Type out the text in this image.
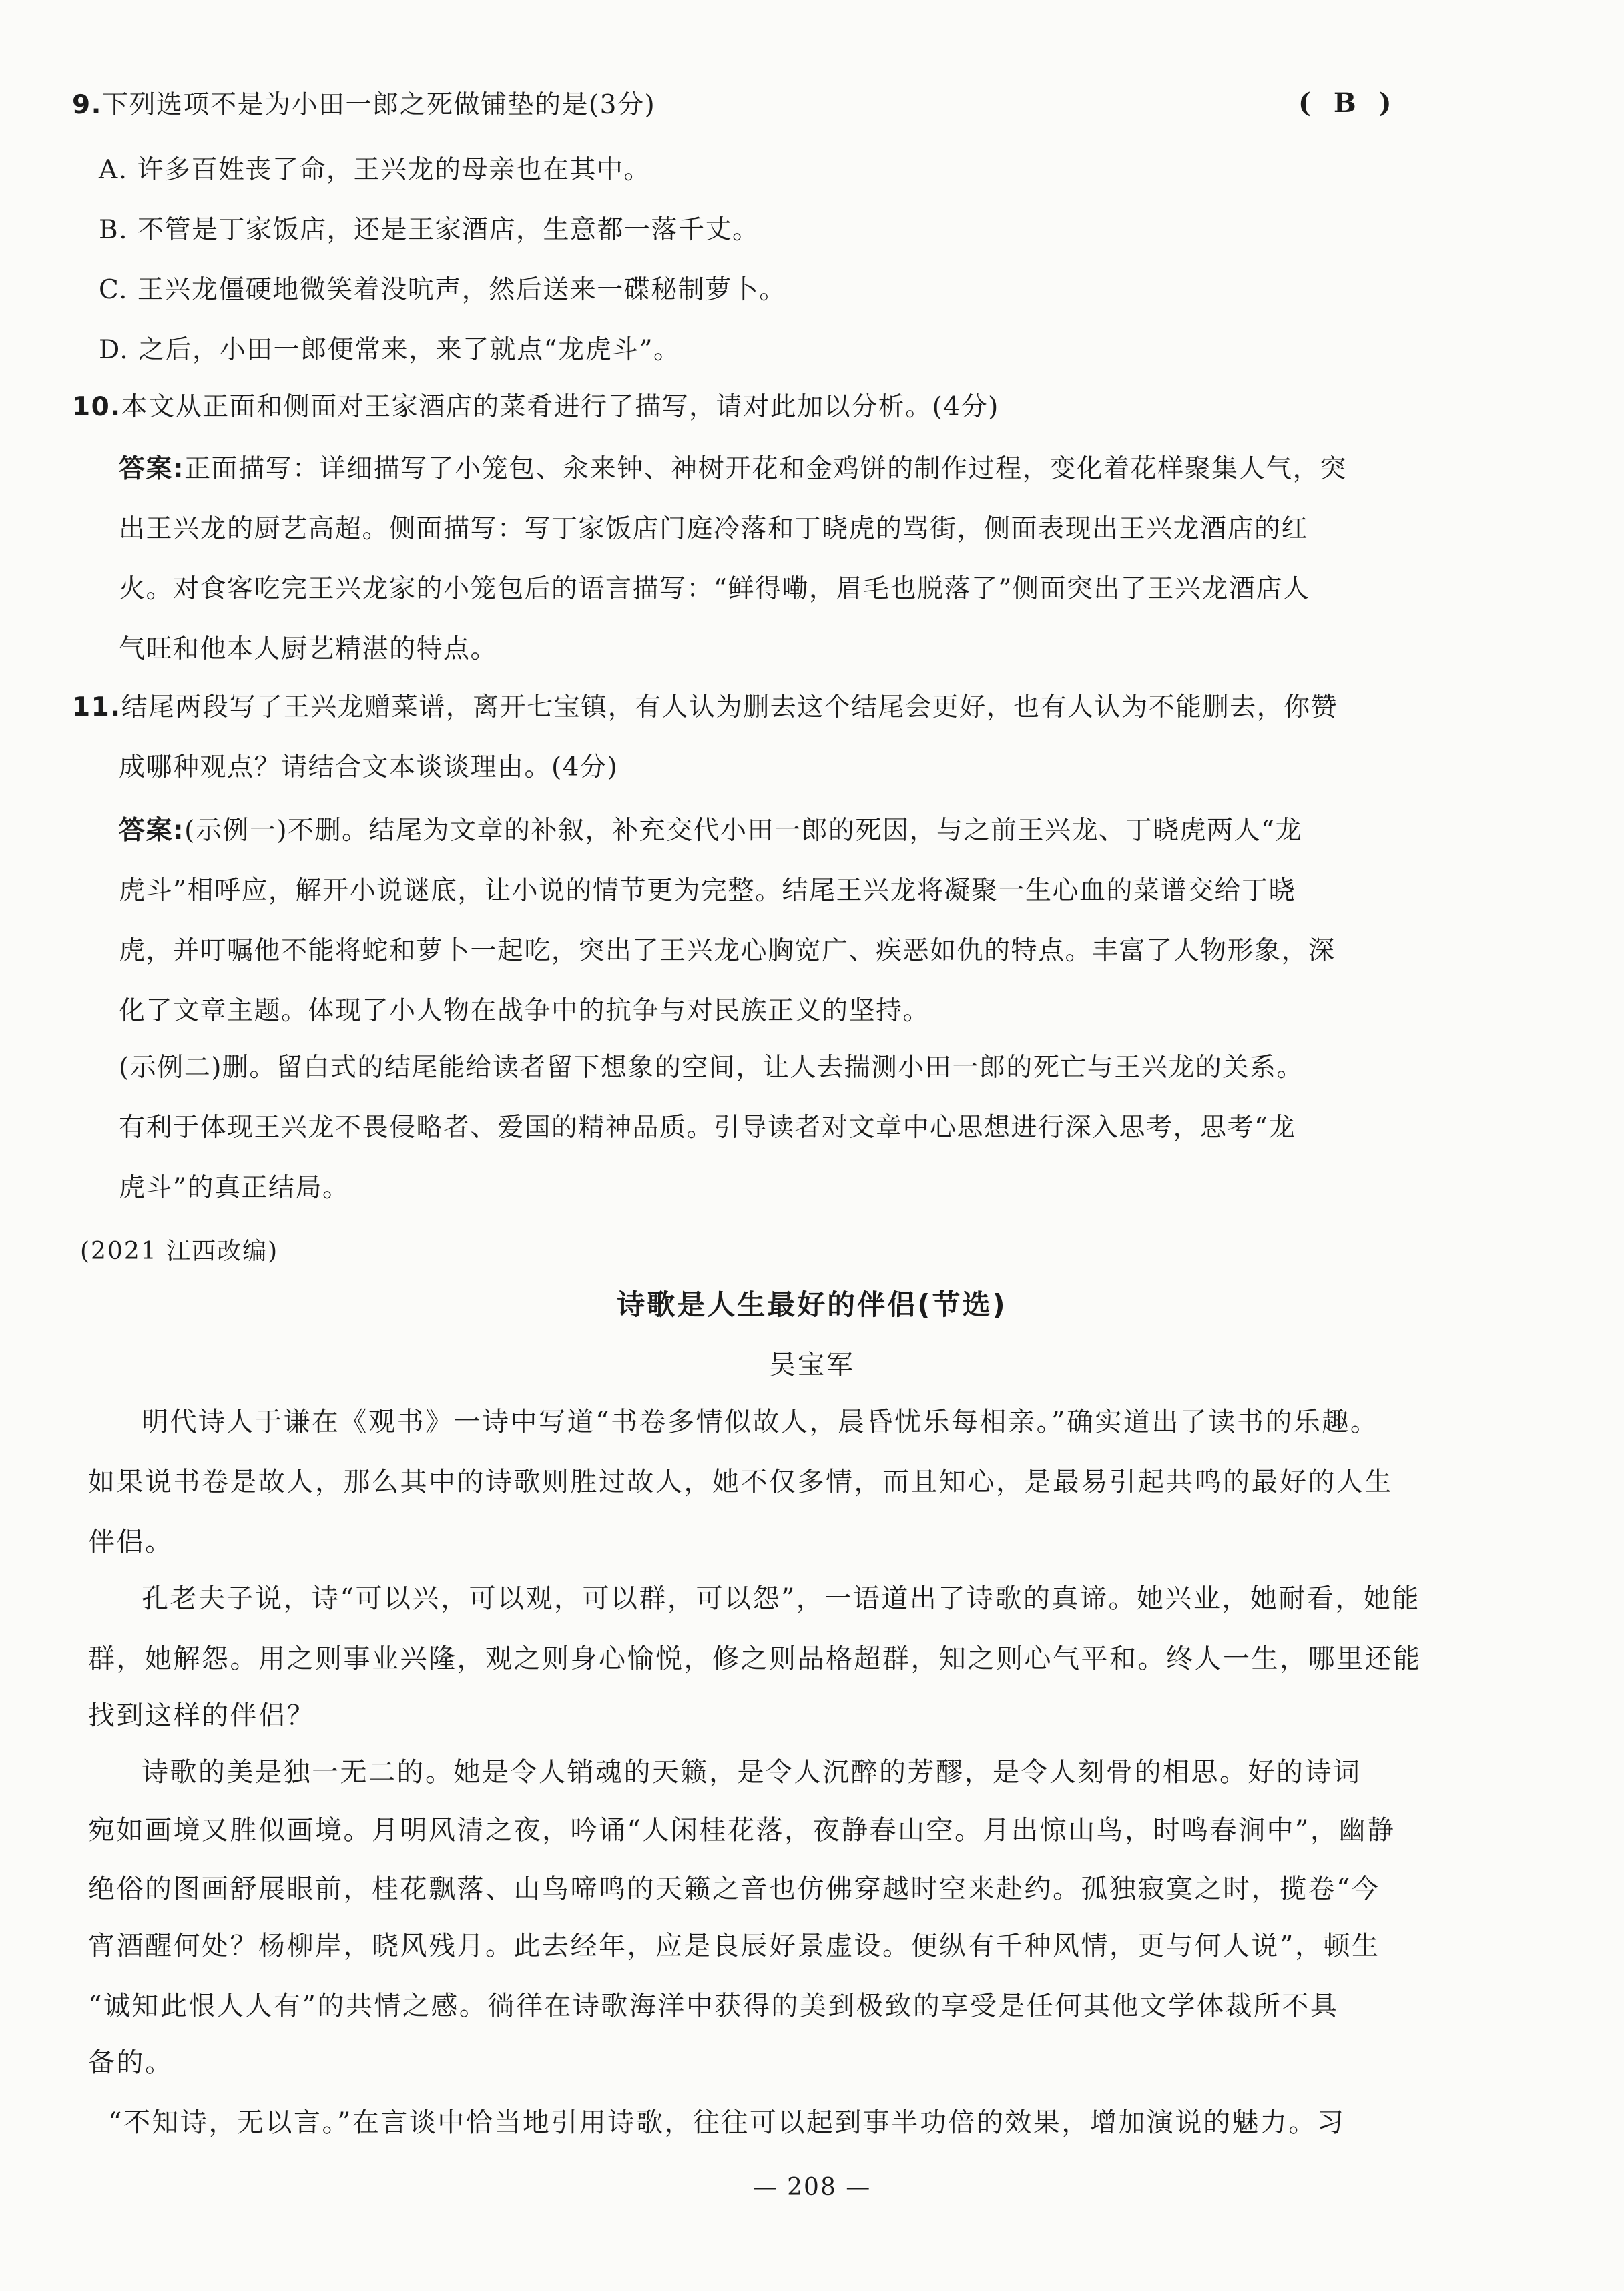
9.下列选项不是为小田一郎之死做铺垫的是(3分)	( B )

A. 许多百姓丧了命，王兴龙的母亲也在其中。

B. 不管是丁家饭店，还是王家酒店，生意都一落千丈。

C. 王兴龙僵硬地微笑着没吭声，然后送来一碟秘制萝卜。

D. 之后，小田一郎便常来，来了就点“龙虎斗”。

10.本文从正面和侧面对王家酒店的菜肴进行了描写，请对此加以分析。(4分)

答案:正面描写：详细描写了小笼包、汆来钟、神树开花和金鸡饼的制作过程，变化着花样聚集人气，突

出王兴龙的厨艺高超。侧面描写：写丁家饭店门庭冷落和丁晓虎的骂街，侧面表现出王兴龙酒店的红

火。对食客吃完王兴龙家的小笼包后的语言描写：“鲜得嘞，眉毛也脱落了”侧面突出了王兴龙酒店人

气旺和他本人厨艺精湛的特点。

11.结尾两段写了王兴龙赠菜谱，离开七宝镇，有人认为删去这个结尾会更好，也有人认为不能删去，你赞

成哪种观点？请结合文本谈谈理由。(4分)

答案:(示例一)不删。结尾为文章的补叙，补充交代小田一郎的死因，与之前王兴龙、丁晓虎两人“龙

虎斗”相呼应，解开小说谜底，让小说的情节更为完整。结尾王兴龙将凝聚一生心血的菜谱交给丁晓

虎，并叮嘱他不能将蛇和萝卜一起吃，突出了王兴龙心胸宽广、疾恶如仇的特点。丰富了人物形象，深

化了文章主题。体现了小人物在战争中的抗争与对民族正义的坚持。

(示例二)删。留白式的结尾能给读者留下想象的空间，让人去揣测小田一郎的死亡与王兴龙的关系。

有利于体现王兴龙不畏侵略者、爱国的精神品质。引导读者对文章中心思想进行深入思考，思考“龙

虎斗”的真正结局。

(2021 江西改编)
诗歌是人生最好的伴侣(节选)
吴宝军

明代诗人于谦在《观书》一诗中写道“书卷多情似故人，晨昏忧乐每相亲。”确实道出了读书的乐趣。

如果说书卷是故人，那么其中的诗歌则胜过故人，她不仅多情，而且知心，是最易引起共鸣的最好的人生

伴侣。

孔老夫子说，诗“可以兴，可以观，可以群，可以怨”，一语道出了诗歌的真谛。她兴业，她耐看，她能

群，她解怨。用之则事业兴隆，观之则身心愉悦，修之则品格超群，知之则心气平和。终人一生，哪里还能

找到这样的伴侣？

诗歌的美是独一无二的。她是令人销魂的天籁，是令人沉醉的芳醪，是令人刻骨的相思。好的诗词

宛如画境又胜似画境。月明风清之夜，吟诵“人闲桂花落，夜静春山空。月出惊山鸟，时鸣春涧中”，幽静

绝俗的图画舒展眼前，桂花飘落、山鸟啼鸣的天籁之音也仿佛穿越时空来赴约。孤独寂寞之时，揽卷“今

宵酒醒何处？杨柳岸，晓风残月。此去经年，应是良辰好景虚设。便纵有千种风情，更与何人说”，顿生

“诚知此恨人人有”的共情之感。徜徉在诗歌海洋中获得的美到极致的享受是任何其他文学体裁所不具

备的。

“不知诗，无以言。”在言谈中恰当地引用诗歌，往往可以起到事半功倍的效果，增加演说的魅力。习

— 208 —
